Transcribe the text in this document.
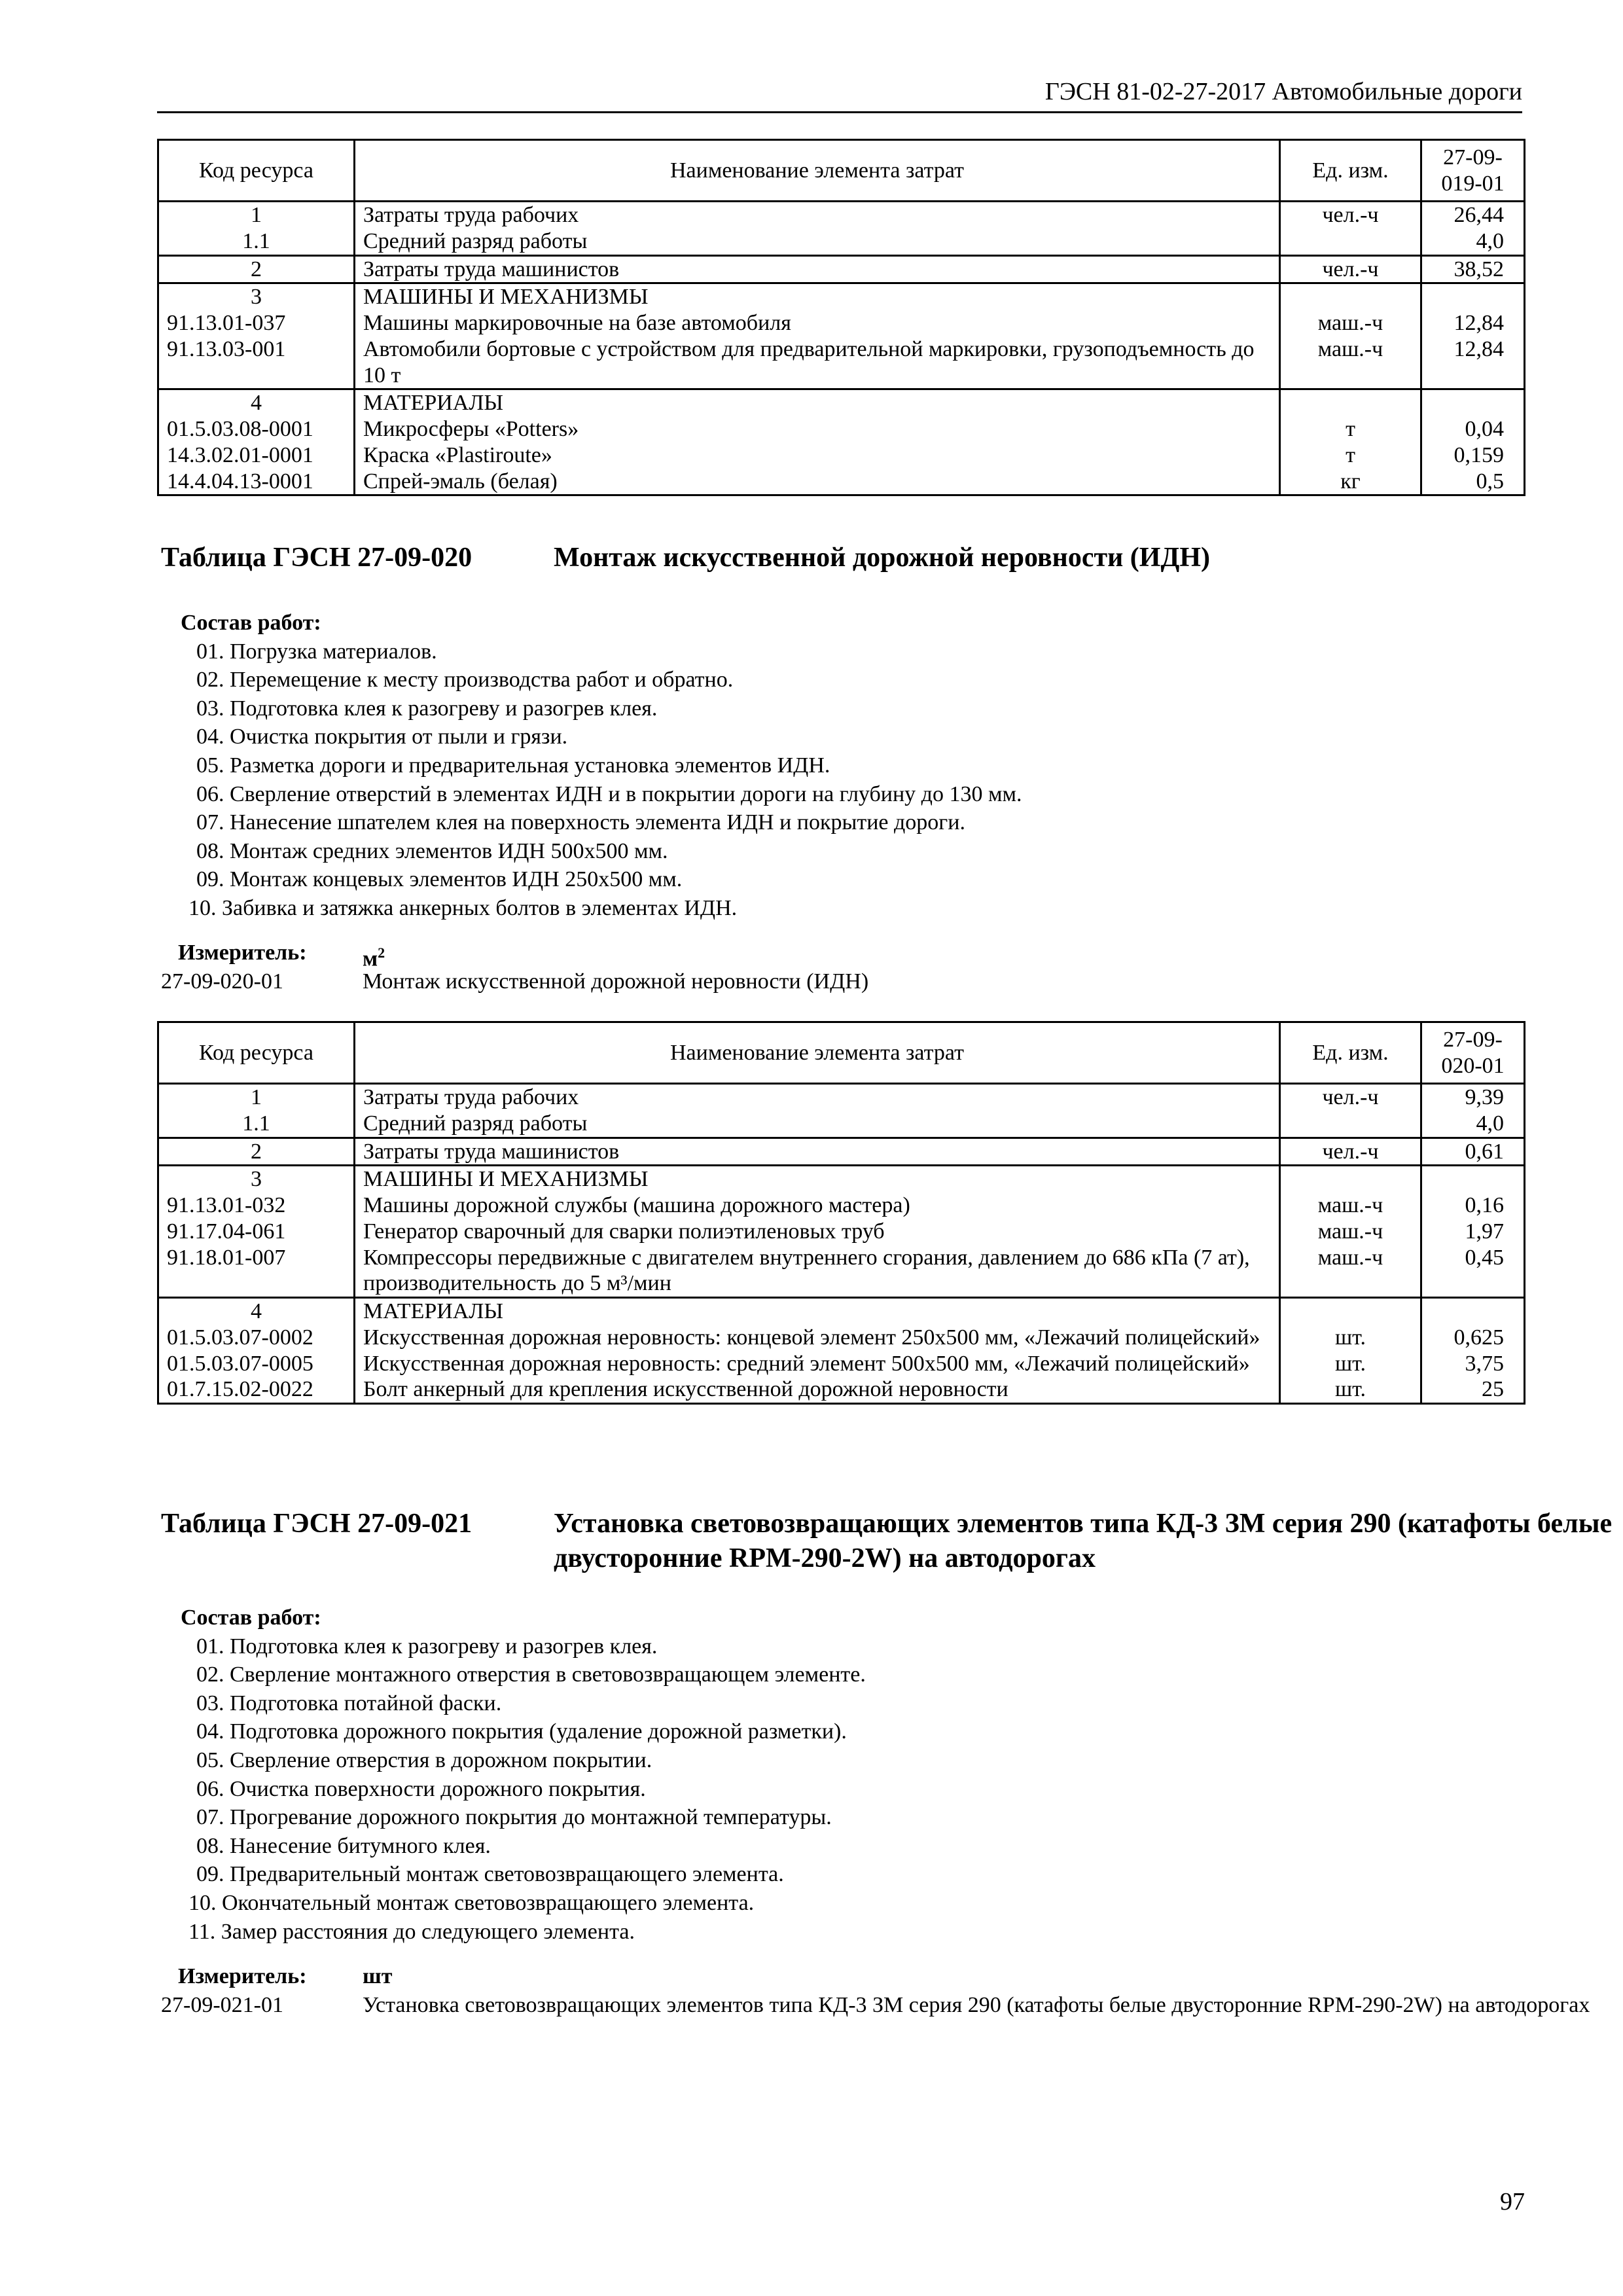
ГЭСН 81-02-27-2017 Автомобильные дороги
Код ресурса	Наименование элемента затрат	Ед. изм.	27-09-019-01
1	Затраты труда рабочих	чел.-ч	26,44
1.1	Средний разряд работы		4,0
2	Затраты труда машинистов	чел.-ч	38,52
3	МАШИНЫ И МЕХАНИЗМЫ		
91.13.01-037	Машины маркировочные на базе автомобиля	маш.-ч	12,84
91.13.03-001	Автомобили бортовые с устройством для предварительной маркировки, грузоподъемность до 10 т	маш.-ч	12,84
4	МАТЕРИАЛЫ		
01.5.03.08-0001	Микросферы «Potters»	т	0,04
14.3.02.01-0001	Краска «Plastiroute»	т	0,159
14.4.04.13-0001	Спрей-эмаль (белая)	кг	0,5
Таблица ГЭСН 27-09-020	Монтаж искусственной дорожной неровности (ИДН)
Состав работ:
01. Погрузка материалов.
02. Перемещение к месту производства работ и обратно.
03. Подготовка клея к разогреву и разогрев клея.
04. Очистка покрытия от пыли и грязи.
05. Разметка дороги и предварительная установка элементов ИДН.
06. Сверление отверстий в элементах ИДН и в покрытии дороги на глубину до 130 мм.
07. Нанесение шпателем клея на поверхность элемента ИДН и покрытие дороги.
08. Монтаж средних элементов ИДН 500х500 мм.
09. Монтаж концевых элементов ИДН 250х500 мм.
10. Забивка и затяжка анкерных болтов в элементах ИДН.
Измеритель:	$м^2$
27-09-020-01	Монтаж искусственной дорожной неровности (ИДН)
Код ресурса	Наименование элемента затрат	Ед. изм.	27-09-020-01
1	Затраты труда рабочих	чел.-ч	9,39
1.1	Средний разряд работы		4,0
2	Затраты труда машинистов	чел.-ч	0,61
3	МАШИНЫ И МЕХАНИЗМЫ		
91.13.01-032	Машины дорожной службы (машина дорожного мастера)	маш.-ч	0,16
91.17.04-061	Генератор сварочный для сварки полиэтиленовых труб	маш.-ч	1,97
91.18.01-007	Компрессоры передвижные с двигателем внутреннего сгорания, давлением до 686 кПа (7 ат), производительность до 5 м³/мин	маш.-ч	0,45
4	МАТЕРИАЛЫ		
01.5.03.07-0002	Искусственная дорожная неровность: концевой элемент 250х500 мм, «Лежачий полицейский»	шт.	0,625
01.5.03.07-0005	Искусственная дорожная неровность: средний элемент 500х500 мм, «Лежачий полицейский»	шт.	3,75
01.7.15.02-0022	Болт анкерный для крепления искусственной дорожной неровности	шт.	25
Таблица ГЭСН 27-09-021	Установка световозвращающих элементов типа КД-3 ЗМ серия 290 (катафоты белые двусторонние RPM-290-2W) на автодорогах
Состав работ:
01. Подготовка клея к разогреву и разогрев клея.
02. Сверление монтажного отверстия в световозвращающем элементе.
03. Подготовка потайной фаски.
04. Подготовка дорожного покрытия (удаление дорожной разметки).
05. Сверление отверстия в дорожном покрытии.
06. Очистка поверхности дорожного покрытия.
07. Прогревание дорожного покрытия до монтажной температуры.
08. Нанесение битумного клея.
09. Предварительный монтаж световозвращающего элемента.
10. Окончательный монтаж световозвращающего элемента.
11. Замер расстояния до следующего элемента.
Измеритель:	шт
27-09-021-01	Установка световозвращающих элементов типа КД-3 ЗМ серия 290 (катафоты белые двусторонние RPM-290-2W) на автодорогах
97
